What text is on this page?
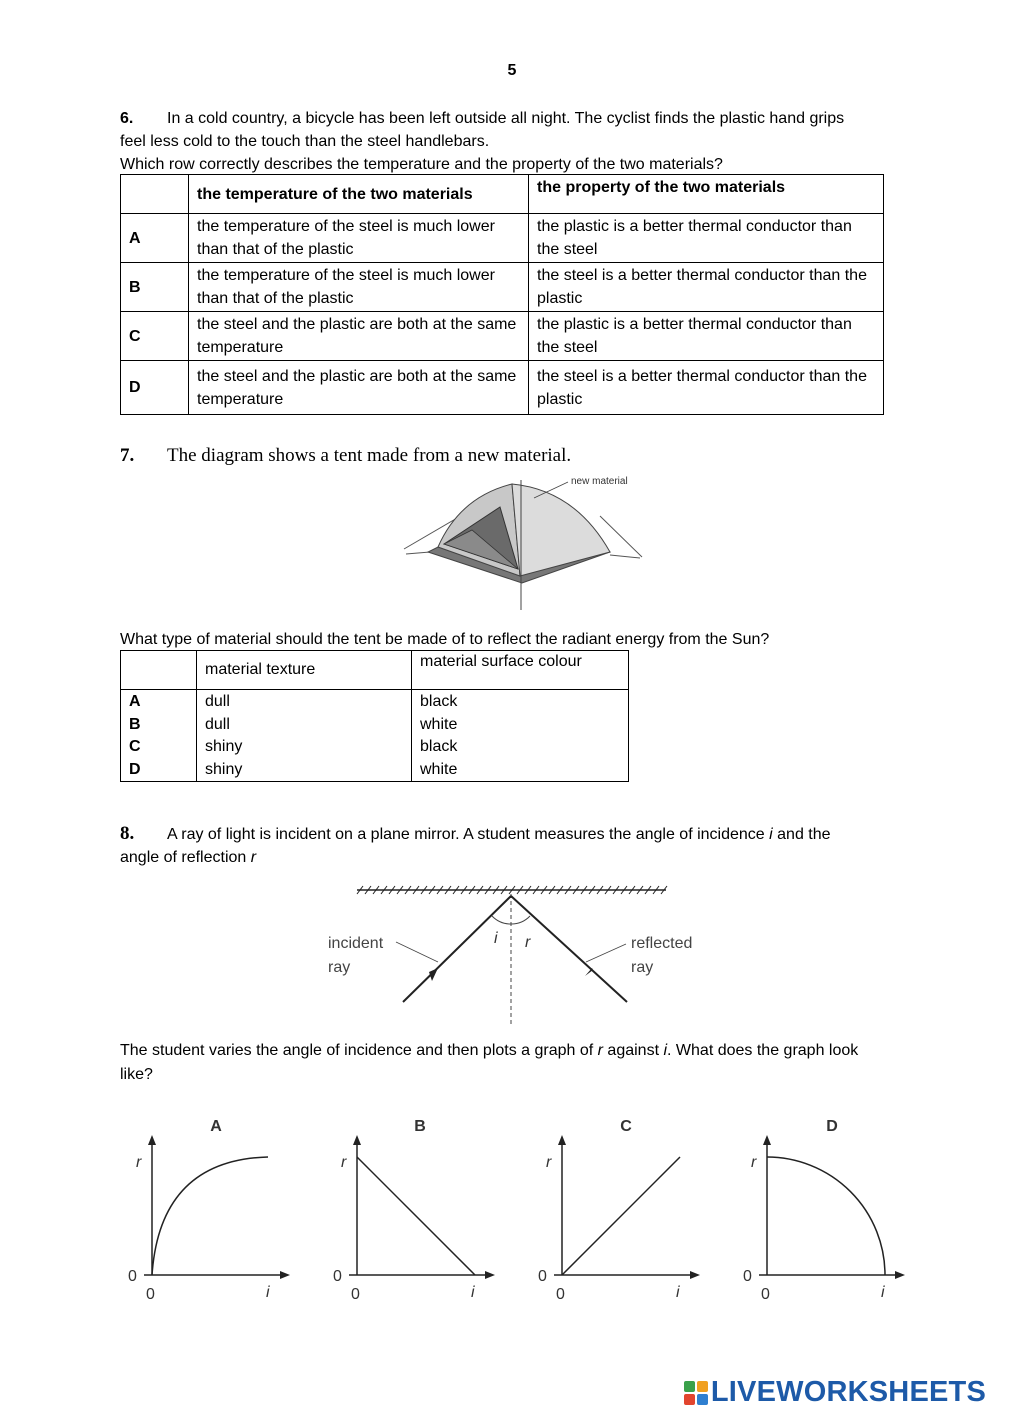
5
6. In a cold country, a bicycle has been left outside all night. The cyclist finds the plastic hand grips
feel less cold to the touch than the steel handlebars.
Which row correctly describes the temperature and the property of the two materials?
	the temperature of the two materials	the property of the two materials
A	the temperature of the steel is much lower than that of the plastic	the plastic is a better thermal conductor than the steel
B	the temperature of the steel is much lower than that of the plastic	the steel is a better thermal conductor than the plastic
C	the steel and the plastic are both at the same temperature	the plastic is a better thermal conductor than the steel
D	the steel and the plastic are both at the same temperature	the steel is a better thermal conductor than the plastic
7. The diagram shows a tent made from a new material.
new material
What type of material should the tent be made of to reflect the radiant energy from the Sun?
	material texture	material surface colour
A	dull	black
B	dull	white
C	shiny	black
D	shiny	white
8. A ray of light is incident on a plane mirror. A student measures the angle of incidence i and the
angle of reflection r
i r
incident
ray
reflected
ray
The student varies the angle of incidence and then plots a graph of r against i. What does the graph look
like?
A
r
i
0
0
B
r
i
0
0
C
r
i
0
0
D
r
i
0
0
LIVEWORKSHEETS
